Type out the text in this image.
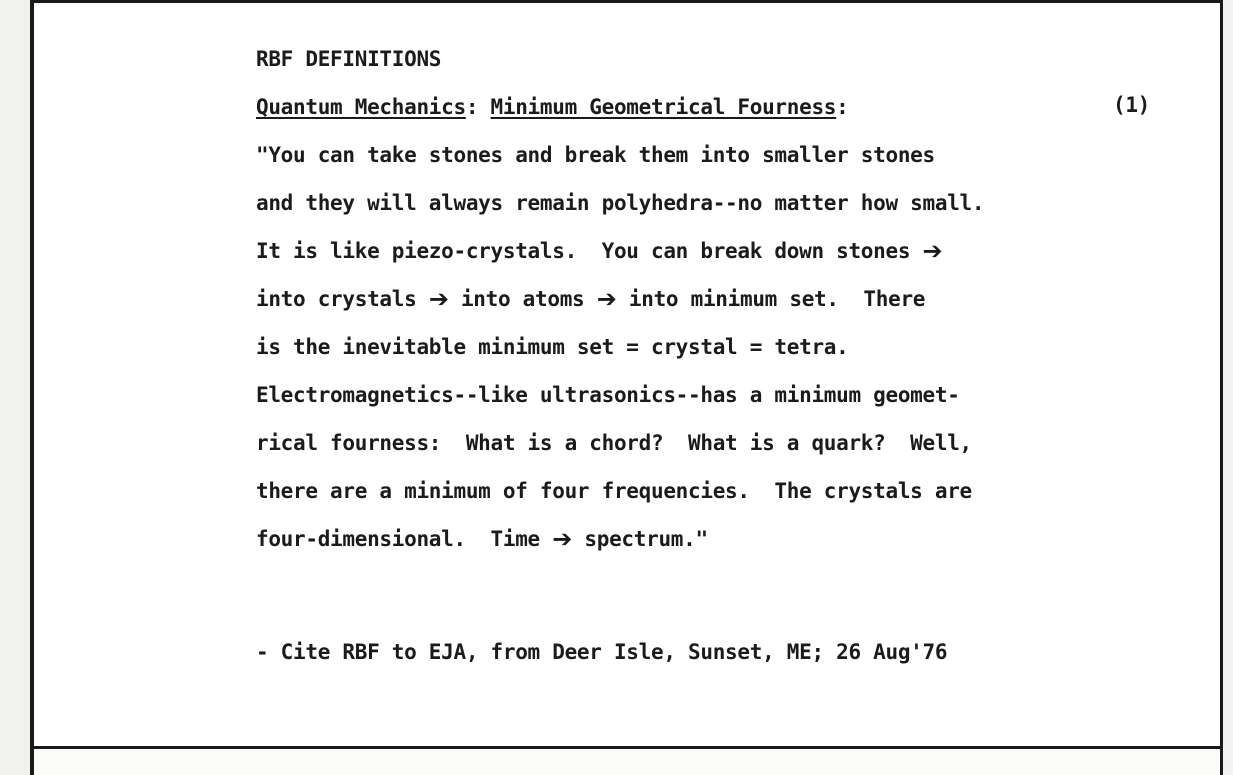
RBF DEFINITIONS
Quantum Mechanics: Minimum Geometrical Fourness:	(1)
"You can take stones and break them into smaller stones
and they will always remain polyhedra--no matter how small.
It is like piezo-crystals.  You can break down stones ➔
into crystals ➔ into atoms ➔ into minimum set.  There
is the inevitable minimum set = crystal = tetra.
Electromagnetics--like ultrasonics--has a minimum geomet-
rical fourness:  What is a chord?  What is a quark?  Well,
there are a minimum of four frequencies.  The crystals are
four-dimensional.  Time ➔ spectrum."
- Cite RBF to EJA, from Deer Isle, Sunset, ME; 26 Aug'76
